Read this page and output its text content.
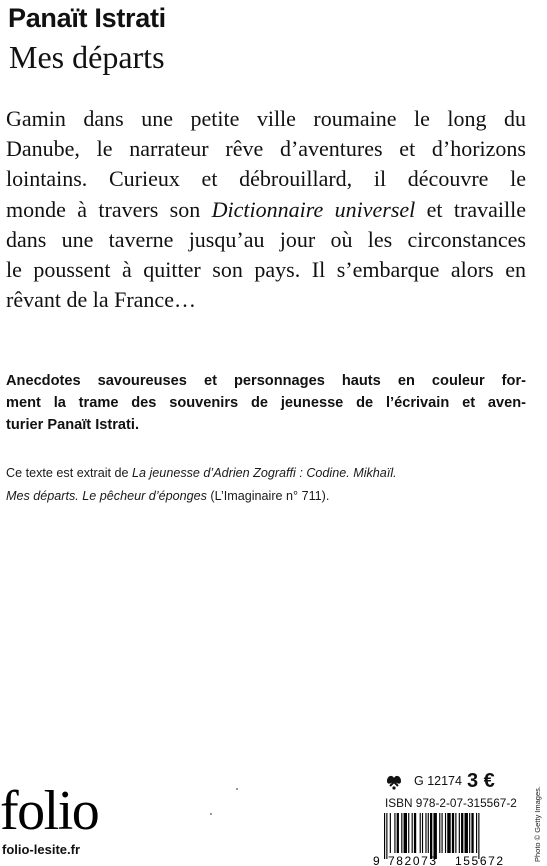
Panaït Istrati
Mes départs

Gamin dans une petite ville roumaine le long du
Danube, le narrateur rêve d’aventures et d’horizons
lointains. Curieux et débrouillard, il découvre le
monde à travers son Dictionnaire universel et travaille
dans une taverne jusqu’au jour où les circonstances
le poussent à quitter son pays. Il s’embarque alors en
rêvant de la France…

Anecdotes savoureuses et personnages hauts en couleur for-
ment la trame des souvenirs de jeunesse de l’écrivain et aven-
turier Panaït Istrati.

Ce texte est extrait de La jeunesse d’Adrien Zograffi : Codine. Mikhaïl.
Mes départs. Le pêcheur d’éponges (L’Imaginaire n° 711).

folio
folio-lesite.fr
G 12174 3 €
ISBN 978-2-07-315567-2
9 782073 155672	Photo © Getty Images.
